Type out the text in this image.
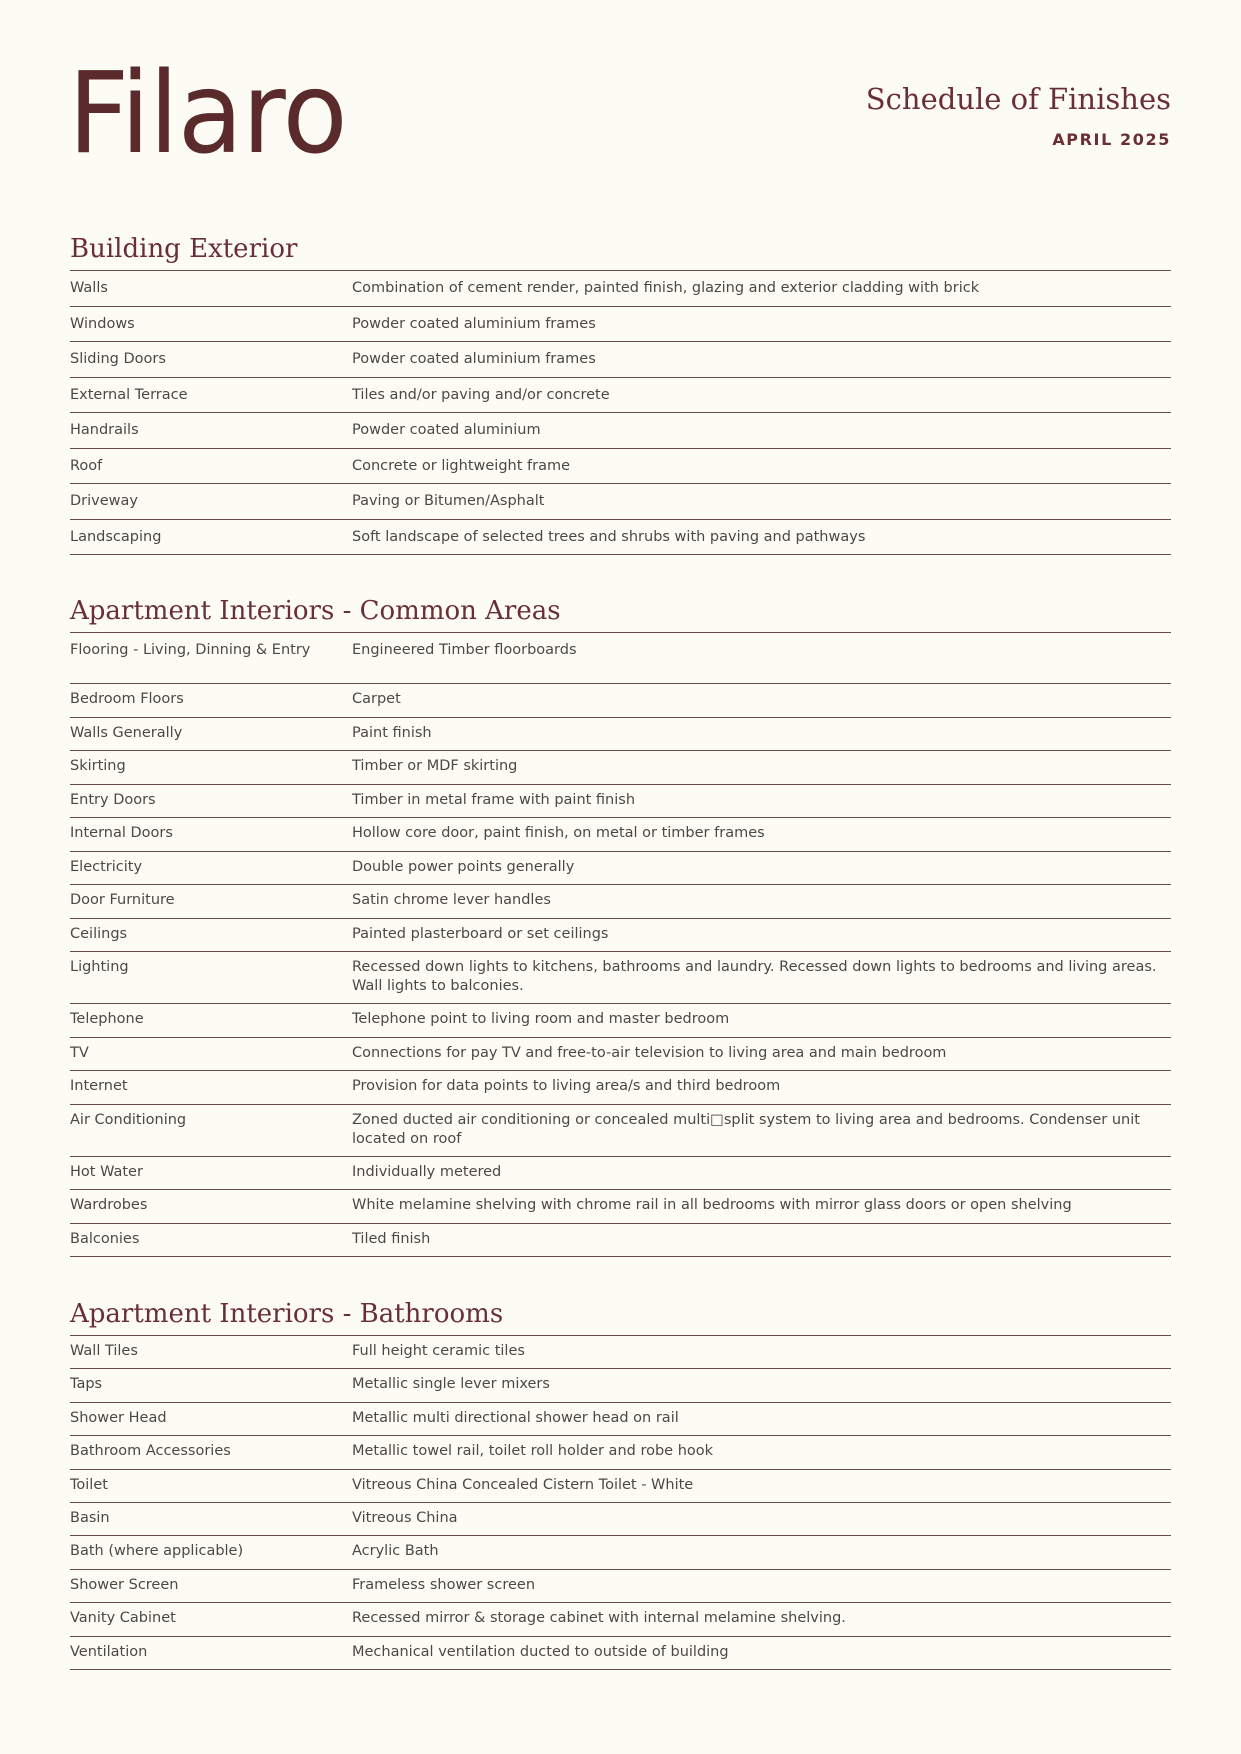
Filaro	Schedule of Finishes
APRIL 2025
Building Exterior
Walls	Combination of cement render, painted finish, glazing and exterior cladding with brick
Windows	Powder coated aluminium frames
Sliding Doors	Powder coated aluminium frames
External Terrace	Tiles and/or paving and/or concrete
Handrails	Powder coated aluminium
Roof	Concrete or lightweight frame
Driveway	Paving or Bitumen/Asphalt
Landscaping	Soft landscape of selected trees and shrubs with paving and pathways
Apartment Interiors - Common Areas
Flooring - Living, Dinning & Entry	Engineered Timber floorboards
Bedroom Floors	Carpet
Walls Generally	Paint finish
Skirting	Timber or MDF skirting
Entry Doors	Timber in metal frame with paint finish
Internal Doors	Hollow core door, paint finish, on metal or timber frames
Electricity	Double power points generally
Door Furniture	Satin chrome lever handles
Ceilings	Painted plasterboard or set ceilings
Lighting	Recessed down lights to kitchens, bathrooms and laundry. Recessed down lights to bedrooms and living areas. Wall lights to balconies.
Telephone	Telephone point to living room and master bedroom
TV	Connections for pay TV and free-to-air television to living area and main bedroom
Internet	Provision for data points to living area/s and third bedroom
Air Conditioning	Zoned ducted air conditioning or concealed multi□split system to living area and bedrooms. Condenser unit located on roof
Hot Water	Individually metered
Wardrobes	White melamine shelving with chrome rail in all bedrooms with mirror glass doors or open shelving
Balconies	Tiled finish
Apartment Interiors - Bathrooms
Wall Tiles	Full height ceramic tiles
Taps	Metallic single lever mixers
Shower Head	Metallic multi directional shower head on rail
Bathroom Accessories	Metallic towel rail, toilet roll holder and robe hook
Toilet	Vitreous China Concealed Cistern Toilet - White
Basin	Vitreous China
Bath (where applicable)	Acrylic Bath
Shower Screen	Frameless shower screen
Vanity Cabinet	Recessed mirror & storage cabinet with internal melamine shelving.
Ventilation	Mechanical ventilation ducted to outside of building
